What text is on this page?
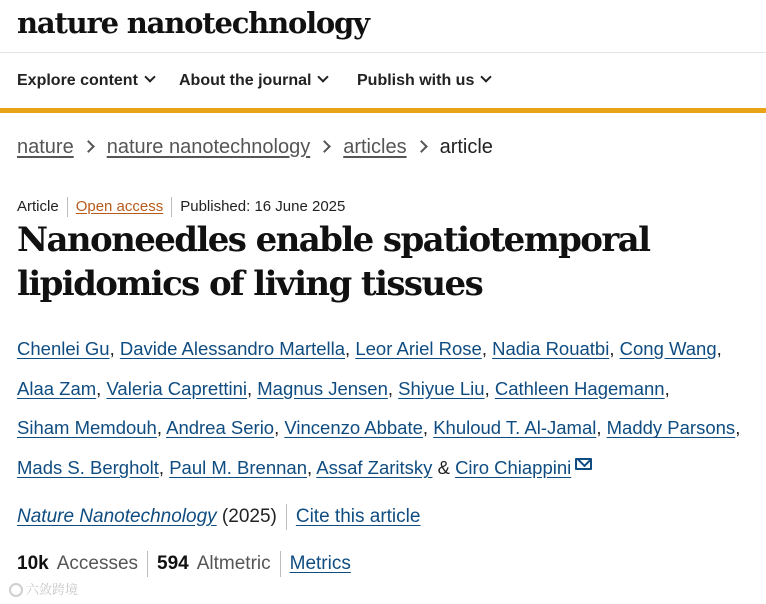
nature nanotechnology
Explore content	About the journal	Publish with us
nature nature nanotechnology articles article
Article Open access Published: 16 June 2025
Nanoneedles enable spatiotemporal lipidomics of living tissues

Chenlei Gu, Davide Alessandro Martella, Leor Ariel Rose, Nadia Rouatbi, Cong Wang, Alaa Zam, Valeria Caprettini, Magnus Jensen, Shiyue Liu, Cathleen Hagemann, Siham Memdouh, Andrea Serio, Vincenzo Abbate, Khuloud T. Al-Jamal, Maddy Parsons, Mads S. Bergholt, Paul M. Brennan, Assaf Zaritsky & Ciro Chiappini

Nature Nanotechnology (2025) Cite this article
10k Accesses 594 Altmetric Metrics
六敛跨境
